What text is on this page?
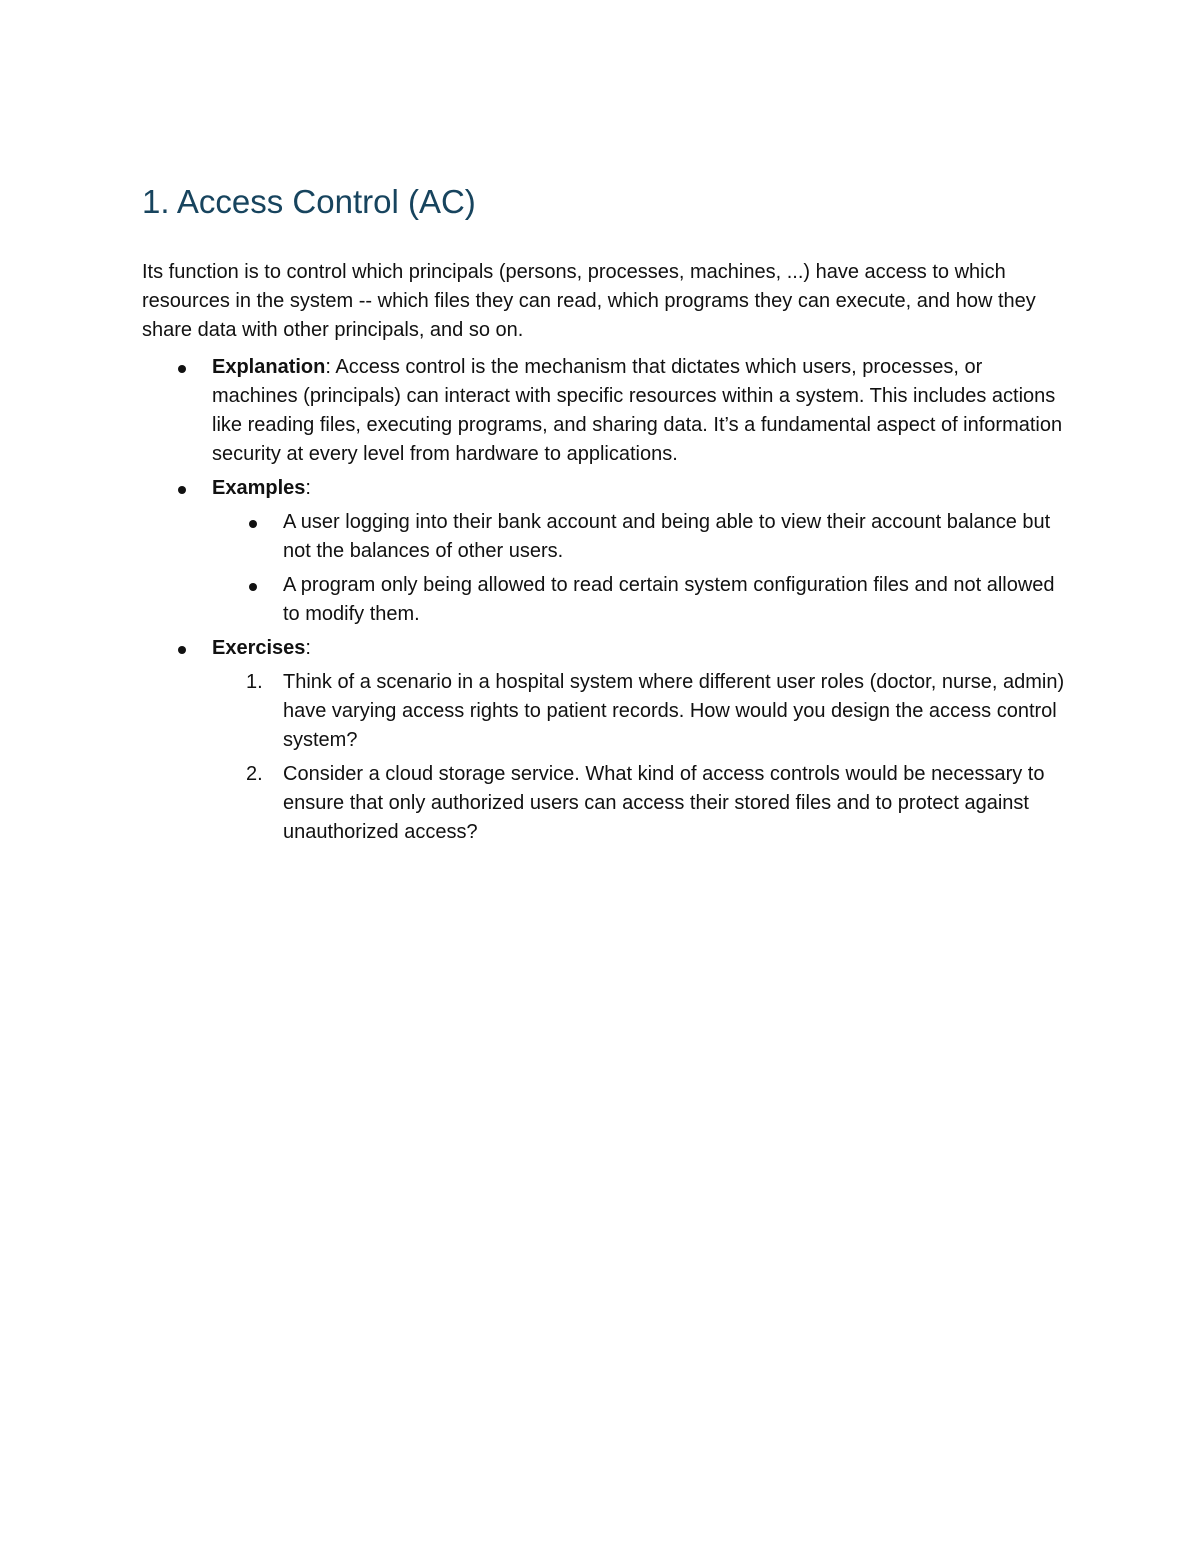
1. Access Control (AC)

Its function is to control which principals (persons, processes, machines, ...) have access to which resources in the system -- which files they can read, which programs they can execute, and how they share data with other principals, and so on.

Explanation: Access control is the mechanism that dictates which users, processes, or machines (principals) can interact with specific resources within a system. This includes actions like reading files, executing programs, and sharing data. It’s a fundamental aspect of information security at every level from hardware to applications.
Examples:
A user logging into their bank account and being able to view their account balance but not the balances of other users.
A program only being allowed to read certain system configuration files and not allowed to modify them.
Exercises:
1.	Think of a scenario in a hospital system where different user roles (doctor, nurse, admin) have varying access rights to patient records. How would you design the access control system?
2.	Consider a cloud storage service. What kind of access controls would be necessary to ensure that only authorized users can access their stored files and to protect against unauthorized access?
